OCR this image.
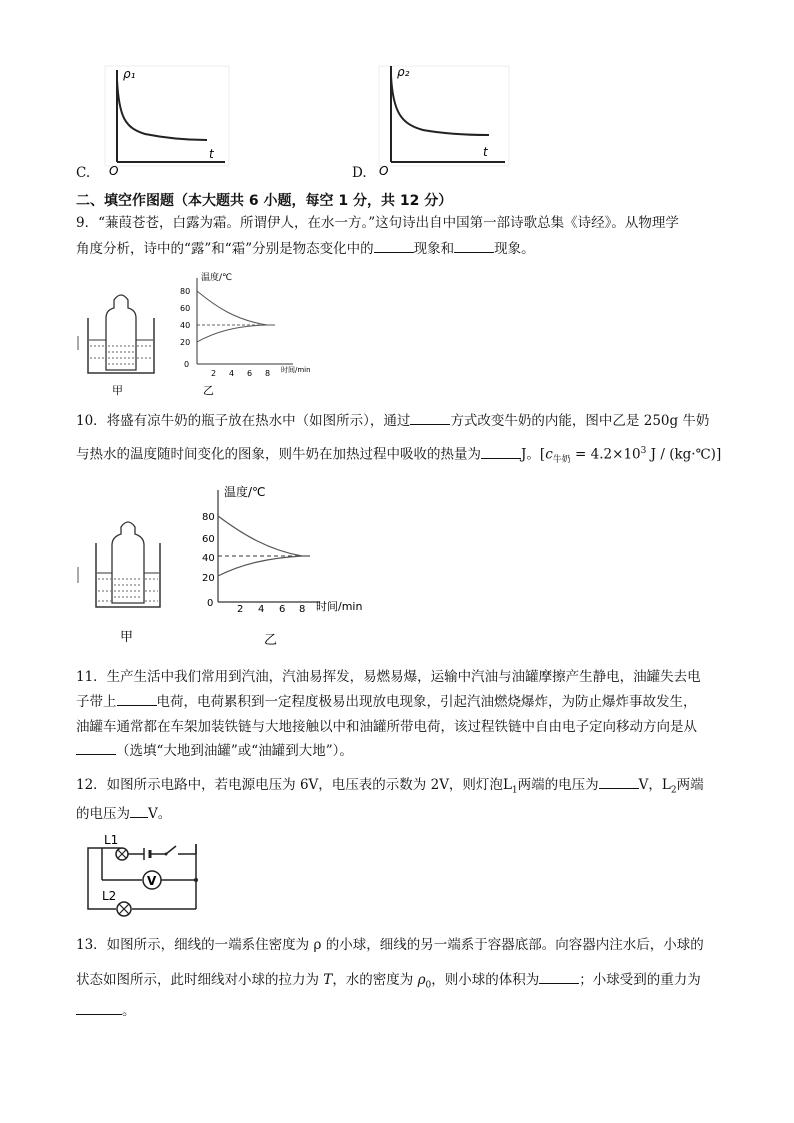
ρ₁
O
t
C.
ρ₂
O
t
D.
二、填空作图题（本大题共 6 小题，每空 1 分，共 12 分）
9．“蒹葭苍苍，白露为霜。所谓伊人，在水一方。”这句诗出自中国第一部诗歌总集《诗经》。从物理学
角度分析，诗中的“露”和“霜”分别是物态变化中的	现象和	现象。
甲
温度/℃
时间/min
80
60
40
20
0
2 4 6 8
乙
10．将盛有凉牛奶的瓶子放在热水中（如图所示），通过	方式改变牛奶的内能，图中乙是 250g 牛奶
与热水的温度随时间变化的图象，则牛奶在加热过程中吸收的热量为	J。[$c_{牛奶} = 4.2\times 10^3$ J / (kg·℃)]
甲
温度/℃
时间/min
80
60
40
20
0
2 4 6 8
乙
11．生产生活中我们常用到汽油，汽油易挥发，易燃易爆，运输中汽油与油罐摩擦产生静电，油罐失去电
子带上	电荷，电荷累积到一定程度极易出现放电现象，引起汽油燃烧爆炸，为防止爆炸事故发生，
油罐车通常都在车架加装铁链与大地接触以中和油罐所带电荷，该过程铁链中自由电子定向移动方向是从
（选填“大地到油罐”或“油罐到大地”）。
12．如图所示电路中，若电源电压为 6V，电压表的示数为 2V，则灯泡$L_1$两端的电压为	V，$L_2$两端
的电压为 V。
V
L1
L2
13．如图所示，细线的一端系住密度为 ρ 的小球，细线的另一端系于容器底部。向容器内注水后，小球的
状态如图所示，此时细线对小球的拉力为 T，水的密度为 $\rho_0$，则小球的体积为	；小球受到的重力为
。
